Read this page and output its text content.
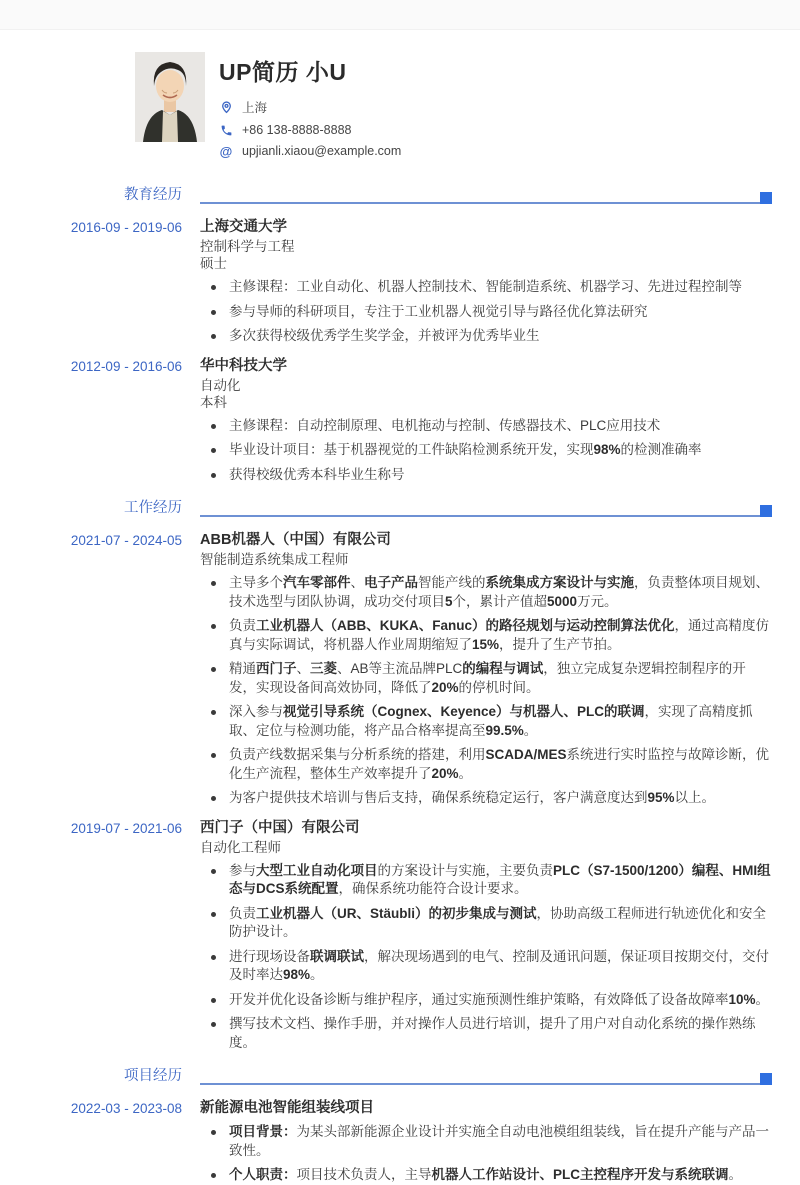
UP简历 小U
上海
+86 138-8888-8888
@ upjianli.xiaou@example.com
教育经历
2016-09 - 2019-06	上海交通大学
控制科学与工程
硕士
主修课程：工业自动化、机器人控制技术、智能制造系统、机器学习、先进过程控制等
参与导师的科研项目，专注于工业机器人视觉引导与路径优化算法研究
多次获得校级优秀学生奖学金，并被评为优秀毕业生
2012-09 - 2016-06	华中科技大学
自动化
本科
主修课程：自动控制原理、电机拖动与控制、传感器技术、PLC应用技术
毕业设计项目：基于机器视觉的工件缺陷检测系统开发，实现98%的检测准确率
获得校级优秀本科毕业生称号
工作经历
2021-07 - 2024-05	ABB机器人（中国）有限公司
智能制造系统集成工程师
主导多个汽车零部件、电子产品智能产线的系统集成方案设计与实施，负责整体项目规划、技术选型与团队协调，成功交付项目5个，累计产值超5000万元。
负责工业机器人（ABB、KUKA、Fanuc）的路径规划与运动控制算法优化，通过高精度仿真与实际调试，将机器人作业周期缩短了15%，提升了生产节拍。
精通西门子、三菱、AB等主流品牌PLC的编程与调试，独立完成复杂逻辑控制程序的开发，实现设备间高效协同，降低了20%的停机时间。
深入参与视觉引导系统（Cognex、Keyence）与机器人、PLC的联调，实现了高精度抓取、定位与检测功能，将产品合格率提高至99.5%。
负责产线数据采集与分析系统的搭建，利用SCADA/MES系统进行实时监控与故障诊断，优化生产流程，整体生产效率提升了20%。
为客户提供技术培训与售后支持，确保系统稳定运行，客户满意度达到95%以上。
2019-07 - 2021-06	西门子（中国）有限公司
自动化工程师
参与大型工业自动化项目的方案设计与实施，主要负责PLC（S7-1500/1200）编程、HMI组态与DCS系统配置，确保系统功能符合设计要求。
负责工业机器人（UR、Stäubli）的初步集成与测试，协助高级工程师进行轨迹优化和安全防护设计。
进行现场设备联调联试，解决现场遇到的电气、控制及通讯问题，保证项目按期交付，交付及时率达98%。
开发并优化设备诊断与维护程序，通过实施预测性维护策略，有效降低了设备故障率10%。
撰写技术文档、操作手册，并对操作人员进行培训，提升了用户对自动化系统的操作熟练度。
项目经历
2022-03 - 2023-08	新能源电池智能组装线项目
项目背景：为某头部新能源企业设计并实施全自动电池模组组装线，旨在提升产能与产品一致性。
个人职责：项目技术负责人，主导机器人工作站设计、PLC主控程序开发与系统联调。
